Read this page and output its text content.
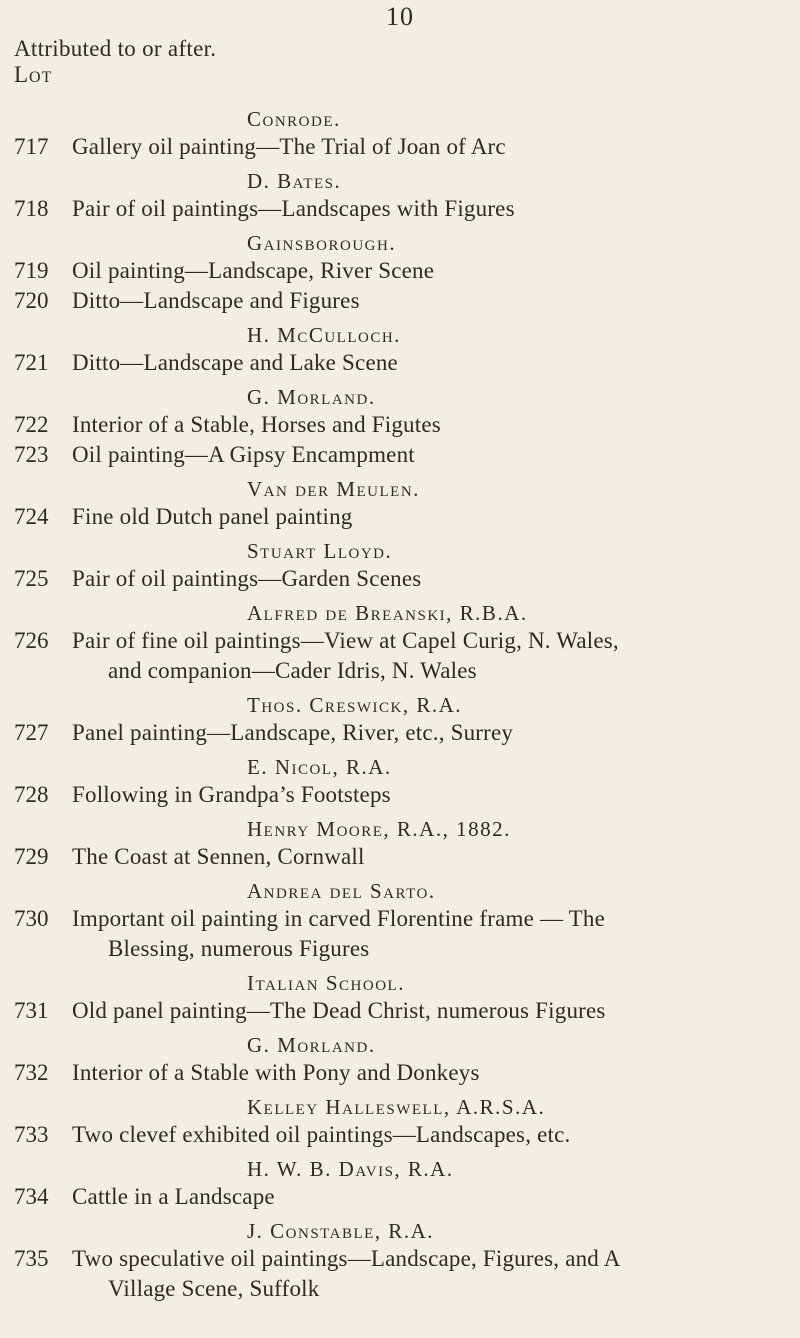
10
Attributed to or after.
Lot
Conrode.
717	Gallery oil painting—The Trial of Joan of Arc
D. Bates.
718	Pair of oil paintings—Landscapes with Figures
Gainsborough.
719	Oil painting—Landscape, River Scene
720	Ditto—Landscape and Figures
H. McCulloch.
721	Ditto—Landscape and Lake Scene
G. Morland.
722	Interior of a Stable, Horses and Figutes
723	Oil painting—A Gipsy Encampment
Van der Meulen.
724	Fine old Dutch panel painting
Stuart Lloyd.
725	Pair of oil paintings—Garden Scenes
Alfred de Breanski, R.B.A.
726	Pair of fine oil paintings—View at Capel Curig, N. Wales,
and companion—Cader Idris, N. Wales
Thos. Creswick, R.A.
727	Panel painting—Landscape, River, etc., Surrey
E. Nicol, R.A.
728	Following in Grandpa’s Footsteps
Henry Moore, R.A., 1882.
729	The Coast at Sennen, Cornwall
Andrea del Sarto.
730	Important oil painting in carved Florentine frame — The
Blessing, numerous Figures
Italian School.
731	Old panel painting—The Dead Christ, numerous Figures
G. Morland.
732	Interior of a Stable with Pony and Donkeys
Kelley Halleswell, A.R.S.A.
733	Two clevef exhibited oil paintings—Landscapes, etc.
H. W. B. Davis, R.A.
734	Cattle in a Landscape
J. Constable, R.A.
735	Two speculative oil paintings—Landscape, Figures, and A
Village Scene, Suffolk
